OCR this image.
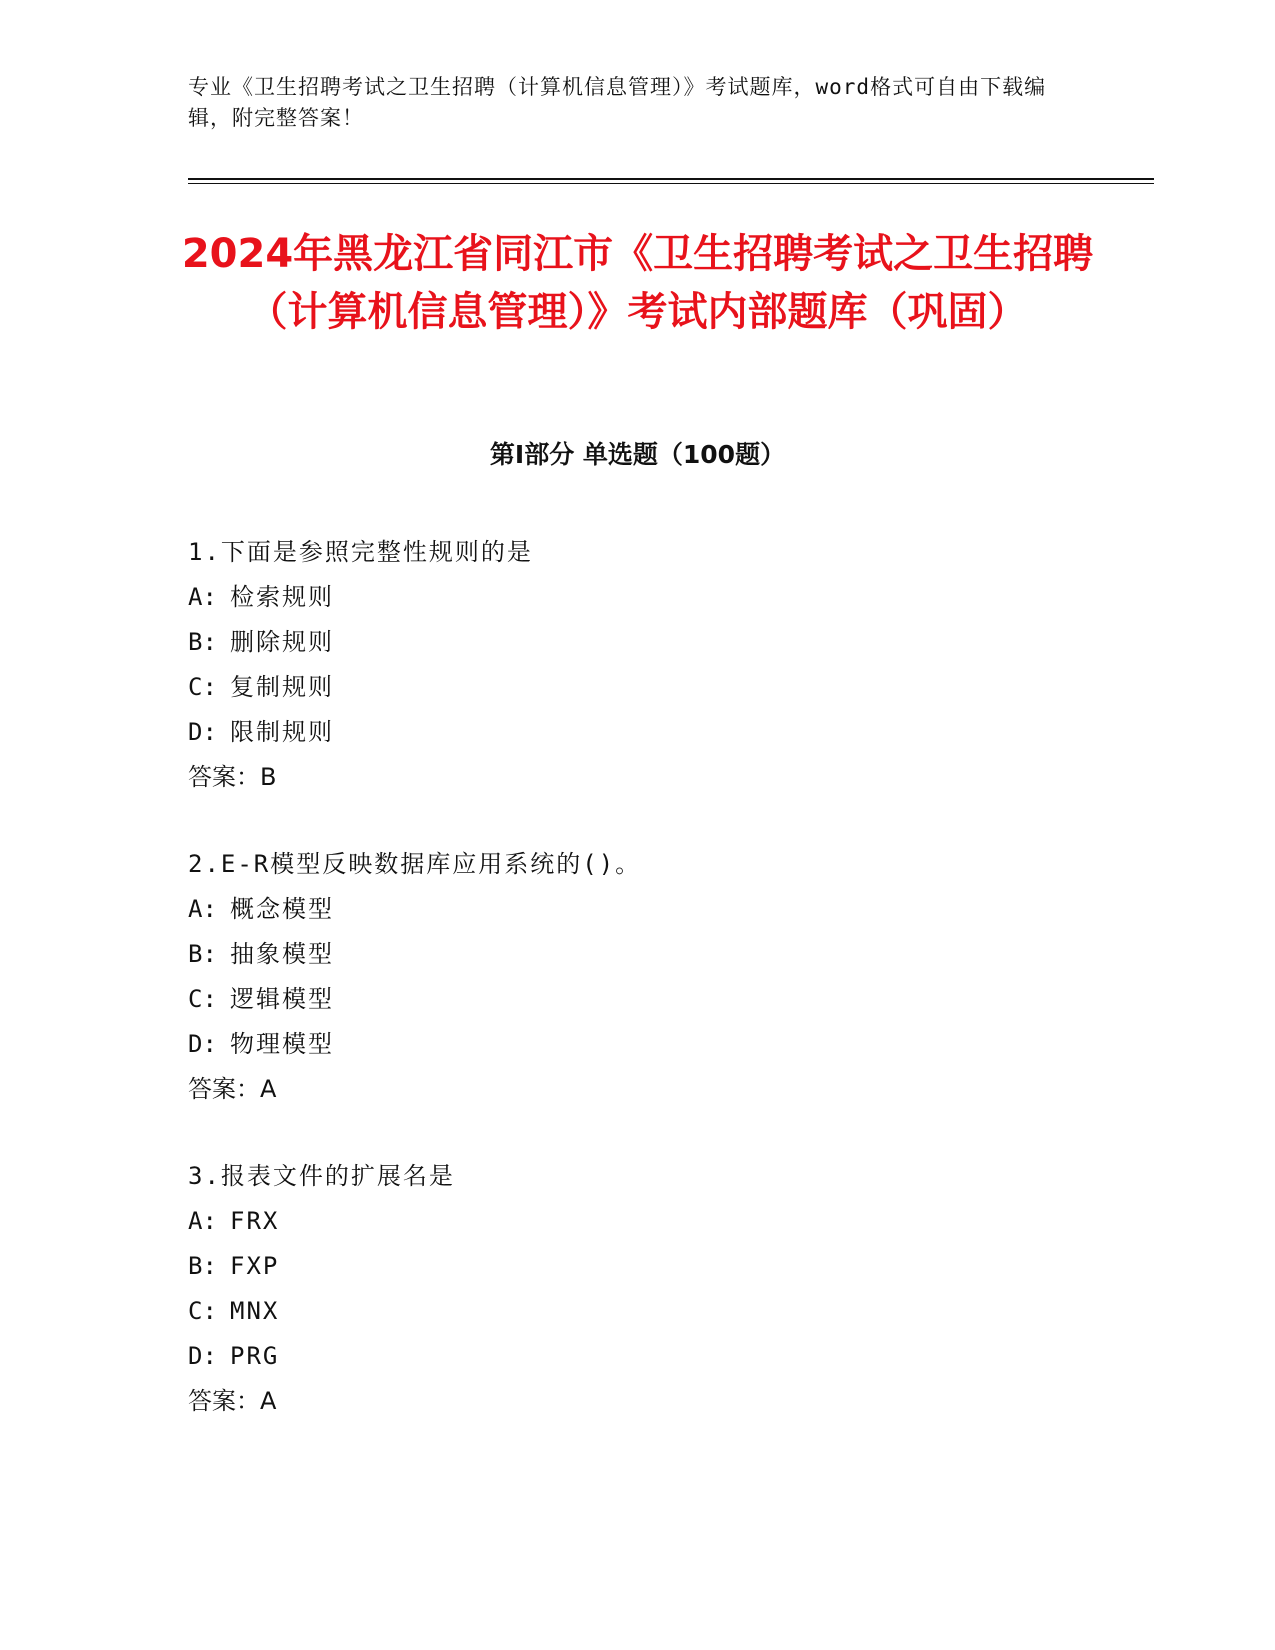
专业《卫生招聘考试之卫生招聘（计算机信息管理）》考试题库，word格式可自由下载编辑，附完整答案！
2024年黑龙江省同江市《卫生招聘考试之卫生招聘（计算机信息管理）》考试内部题库（巩固）
第I部分 单选题（100题）
1.下面是参照完整性规则的是
A: 检索规则
B: 删除规则
C: 复制规则
D: 限制规则
答案：B
2.E-R模型反映数据库应用系统的()。
A: 概念模型
B: 抽象模型
C: 逻辑模型
D: 物理模型
答案：A
3.报表文件的扩展名是
A: FRX
B: FXP
C: MNX
D: PRG
答案：A
